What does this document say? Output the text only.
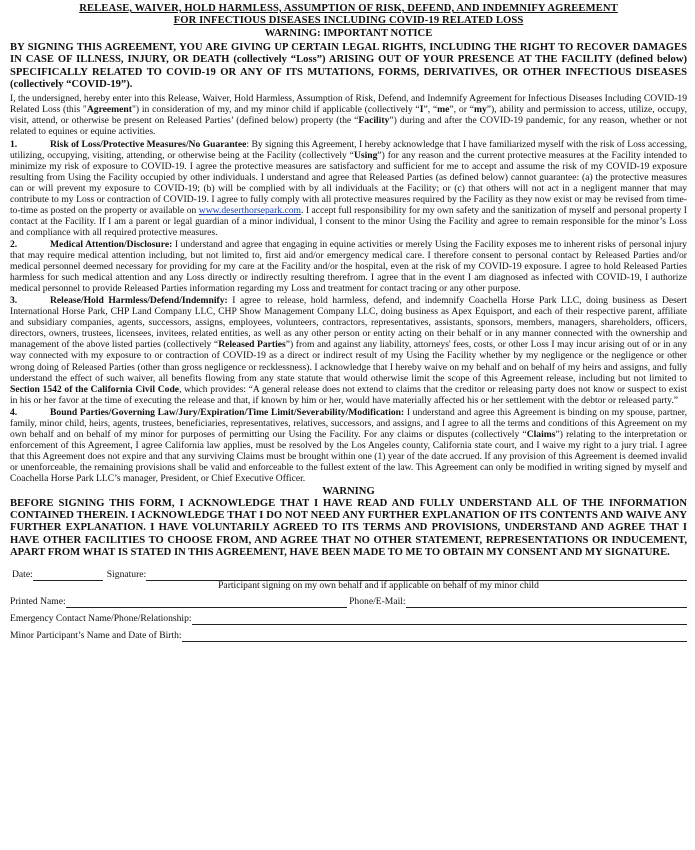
RELEASE, WAIVER, HOLD HARMLESS, ASSUMPTION OF RISK, DEFEND, AND INDEMNIFY AGREEMENT
FOR INFECTIOUS DISEASES INCLUDING COVID-19 RELATED LOSS
WARNING: IMPORTANT NOTICE

BY SIGNING THIS AGREEMENT, YOU ARE GIVING UP CERTAIN LEGAL RIGHTS, INCLUDING THE RIGHT TO RECOVER DAMAGES IN CASE OF ILLNESS, INJURY, OR DEATH (collectively “Loss”) ARISING OUT OF YOUR PRESENCE AT THE FACILITY (defined below) SPECIFICALLY RELATED TO COVID-19 OR ANY OF ITS MUTATIONS, FORMS, DERIVATIVES, OR OTHER INFECTIOUS DISEASES (collectively “COVID-19”).

I, the undersigned, hereby enter into this Release, Waiver, Hold Harmless, Assumption of Risk, Defend, and Indemnify Agreement for Infectious Diseases Including COVID-19 Related Loss (this "Agreement") in consideration of my, and my minor child if applicable (collectively “I”, “me”, or “my”), ability and permission to access, utilize, occupy, visit, attend, or otherwise be present on Released Parties’ (defined below) property (the “Facility”) during and after the COVID-19 pandemic, for any reason, whether or not related to equines or equine activities.

1.	Risk of Loss/Protective Measures/No Guarantee: By signing this Agreement, I hereby acknowledge that I have familiarized myself with the risk of Loss accessing, utilizing, occupying, visiting, attending, or otherwise being at the Facility (collectively “Using”) for any reason and the current protective measures at the Facility intended to minimize my risk of exposure to COVID-19. I agree the protective measures are satisfactory and sufficient for me to accept and assume the risk of my COVID-19 exposure resulting from Using the Facility occupied by other individuals. I understand and agree that Released Parties (as defined below) cannot guarantee: (a) the protective measures can or will prevent my exposure to COVID-19; (b) will be complied with by all individuals at the Facility; or (c) that others will not act in a negligent manner that may contribute to my Loss or contraction of COVID-19. I agree to fully comply with all protective measures required by the Facility as they now exist or may be revised from time-to-time as posted on the property or available on www.deserthorsepark.com. I accept full responsibility for my own safety and the sanitization of myself and personal property I contact at the Facility. If I am a parent or legal guardian of a minor individual, I consent to the minor Using the Facility and agree to remain responsible for the minor’s Loss and compliance with all required protective measures.

2.	Medical Attention/Disclosure: I understand and agree that engaging in equine activities or merely Using the Facility exposes me to inherent risks of personal injury that may require medical attention including, but not limited to, first aid and/or emergency medical care. I therefore consent to personal contact by Released Parties and/or medical personnel deemed necessary for providing for my care at the Facility and/or the hospital, even at the risk of my COVID-19 exposure. I agree to hold Released Parties harmless for such medical attention and any Loss directly or indirectly resulting therefrom. I agree that in the event I am diagnosed as infected with COVID-19, I authorize medical personnel to provide Released Parties information regarding my Loss and treatment for contact tracing or any other purpose.

3.	Release/Hold Harmless/Defend/Indemnify: I agree to release, hold harmless, defend, and indemnify Coachella Horse Park LLC, doing business as Desert International Horse Park, CHP Land Company LLC, CHP Show Management Company LLC, doing business as Apex Equisport, and each of their respective parent, affiliate and subsidiary companies, agents, successors, assigns, employees, volunteers, contractors, representatives, assistants, sponsors, members, managers, shareholders, officers, directors, owners, trustees, licensees, invitees, related entities, as well as any other person or entity acting on their behalf or in any manner connected with the ownership and management of the above listed parties (collectively “Released Parties”) from and against any liability, attorneys' fees, costs, or other Loss I may incur arising out of or in any way connected with my exposure to or contraction of COVID-19 as a direct or indirect result of my Using the Facility whether by my negligence or the negligence or other wrong doing of Released Parties (other than gross negligence or recklessness). I acknowledge that I hereby waive on my behalf and on behalf of my heirs and assigns, and fully understand the effect of such waiver, all benefits flowing from any state statute that would otherwise limit the scope of this Agreement release, including but not limited to Section 1542 of the California Civil Code, which provides: “A general release does not extend to claims that the creditor or releasing party does not know or suspect to exist in his or her favor at the time of executing the release and that, if known by him or her, would have materially affected his or her settlement with the debtor or released party.”

4.	Bound Parties/Governing Law/Jury/Expiration/Time Limit/Severability/Modification: I understand and agree this Agreement is binding on my spouse, partner, family, minor child, heirs, agents, trustees, beneficiaries, representatives, relatives, successors, and assigns, and I agree to all the terms and conditions of this Agreement on my own behalf and on behalf of my minor for purposes of permitting our Using the Facility. For any claims or disputes (collectively “Claims”) relating to the interpretation or enforcement of this Agreement, I agree California law applies, must be resolved by the Los Angeles county, California state court, and I waive my right to a jury trial. I agree that this Agreement does not expire and that any surviving Claims must be brought within one (1) year of the date accrued. If any provision of this Agreement is deemed invalid or unenforceable, the remaining provisions shall be valid and enforceable to the fullest extent of the law. This Agreement can only be modified in writing signed by myself and Coachella Horse Park LLC’s manager, President, or Chief Executive Officer.

WARNING

BEFORE SIGNING THIS FORM, I ACKNOWLEDGE THAT I HAVE READ AND FULLY UNDERSTAND ALL OF THE INFORMATION CONTAINED THEREIN. I ACKNOWLEDGE THAT I DO NOT NEED ANY FURTHER EXPLANATION OF ITS CONTENTS AND WAIVE ANY FURTHER EXPLANATION. I HAVE VOLUNTARILY AGREED TO ITS TERMS AND PROVISIONS, UNDERSTAND AND AGREE THAT I HAVE OTHER FACILITIES TO CHOOSE FROM, AND AGREE THAT NO OTHER STATEMENT, REPRESENTATIONS OR INDUCEMENT, APART FROM WHAT IS STATED IN THIS AGREEMENT, HAVE BEEN MADE TO ME TO OBTAIN MY CONSENT AND MY SIGNATURE.

Date:	Signature:
Participant signing on my own behalf and if applicable on behalf of my minor child
Printed Name:	Phone/E-Mail:
Emergency Contact Name/Phone/Relationship:
Minor Participant’s Name and Date of Birth:
